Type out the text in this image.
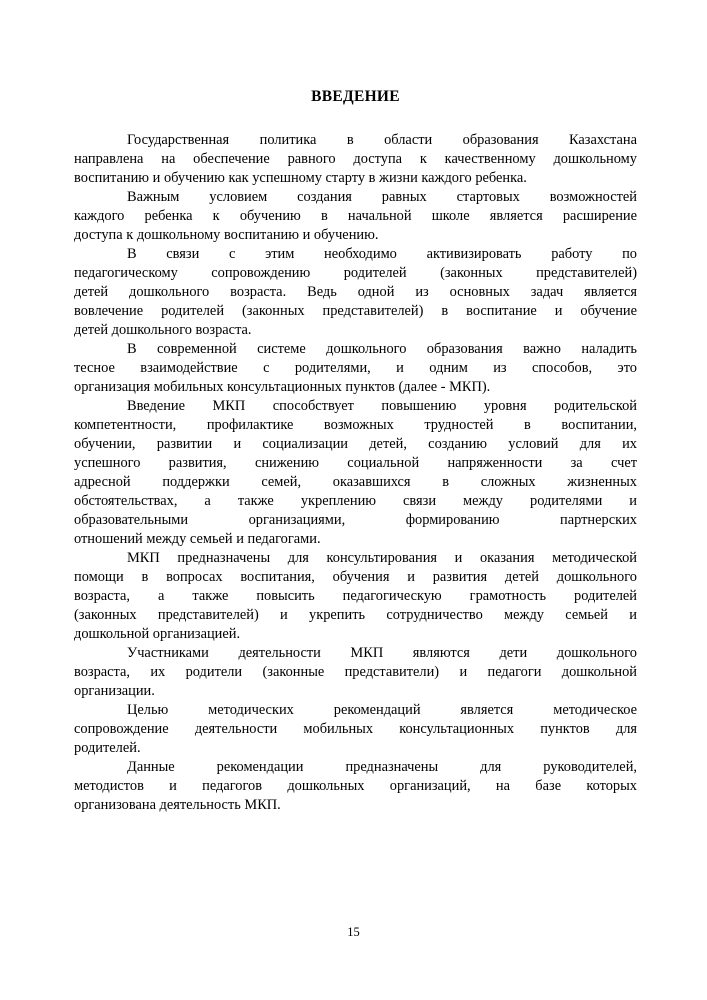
ВВЕДЕНИЕ
Государственная политика в области образования Казахстана
направлена на обеспечение равного доступа к качественному дошкольному
воспитанию и обучению как успешному старту в жизни каждого ребенка.
Важным условием создания равных стартовых возможностей
каждого ребенка к обучению в начальной школе является расширение
доступа к дошкольному воспитанию и обучению.
В связи с этим необходимо активизировать работу по
педагогическому сопровождению родителей (законных представителей)
детей дошкольного возраста. Ведь одной из основных задач является
вовлечение родителей (законных представителей) в воспитание и обучение
детей дошкольного возраста.
В современной системе дошкольного образования важно наладить
тесное взаимодействие с родителями, и одним из способов, это
организация мобильных консультационных пунктов (далее - МКП).
Введение МКП способствует повышению уровня родительской
компетентности, профилактике возможных трудностей в воспитании,
обучении, развитии и социализации детей, созданию условий для их
успешного развития, снижению социальной напряженности за счет
адресной поддержки семей, оказавшихся в сложных жизненных
обстоятельствах, а также укреплению связи между родителями и
образовательными организациями, формированию партнерских
отношений между семьей и педагогами.
МКП предназначены для консультирования и оказания методической
помощи в вопросах воспитания, обучения и развития детей дошкольного
возраста, а также повысить педагогическую грамотность родителей
(законных представителей) и укрепить сотрудничество между семьей и
дошкольной организацией.
Участниками деятельности МКП являются дети дошкольного
возраста, их родители (законные представители) и педагоги дошкольной
организации.
Целью методических рекомендаций является методическое
сопровождение деятельности мобильных консультационных пунктов для
родителей.
Данные рекомендации предназначены для руководителей,
методистов и педагогов дошкольных организаций, на базе которых
организована деятельность МКП.
15
